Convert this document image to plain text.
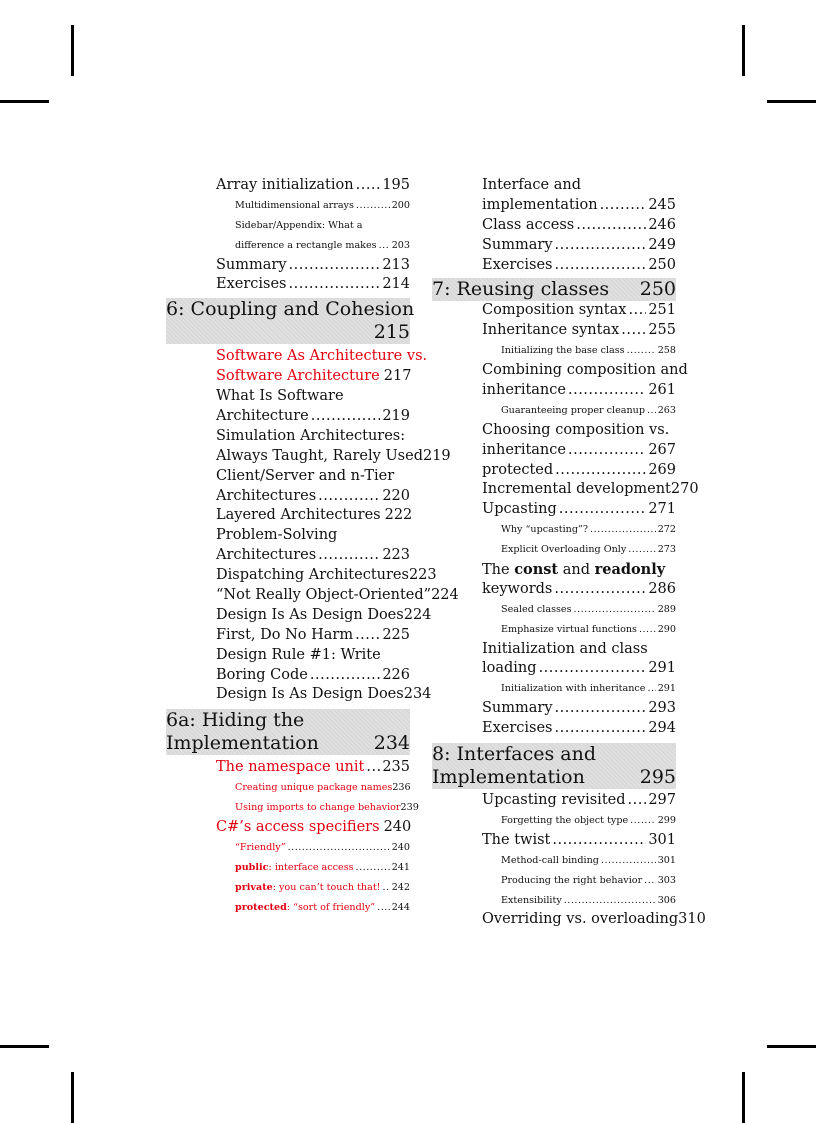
Array initialization ..... 195
Multidimensional arrays .....	200
Sidebar/Appendix: What a
difference a rectangle makes ..... 203
Summary .....	213
Exercises .....	214
6: Coupling and Cohesion
215
Software As Architecture vs.
Software Architecture 217
What Is Software
Architecture .....	219
Simulation Architectures:
Always Taught, Rarely Used219
Client/Server and n-Tier
Architectures .....	220
Layered Architectures 222
Problem-Solving
Architectures .....	223
Dispatching Architectures223
“Not Really Object-Oriented”224
Design Is As Design Does224
First, Do No Harm ..... 225
Design Rule #1: Write
Boring Code .....	226
Design Is As Design Does234
6a: Hiding the
Implementation	234
The namespace unit ..... 235
Creating unique package names236
Using imports to change behavior239
C#’s access specifiers 240
“Friendly” .....	240
public: interface access .....	241
private: you can’t touch that! ..... 242
protected: “sort of friendly” ..... 244
Interface and
implementation .....	245
Class access .....	246
Summary .....	249
Exercises .....	250
7: Reusing classes 250
Composition syntax ..... 251
Inheritance syntax ..... 255
Initializing the base class .....	258
Combining composition and
inheritance .....	261
Guaranteeing proper cleanup ..... 263
Choosing composition vs.
inheritance .....	267
protected .....	269
Incremental development270
Upcasting .....	271
Why “upcasting”? .....	272
Explicit Overloading Only .....	273
The const and readonly
keywords .....	286
Sealed classes .....	289
Emphasize virtual functions ..... 290
Initialization and class
loading .....	291
Initialization with inheritance ..... 291
Summary .....	293
Exercises .....	294
8: Interfaces and
Implementation	295
Upcasting revisited ..... 297
Forgetting the object type .....	299
The twist .....	301
Method-call binding .....	301
Producing the right behavior ..... 303
Extensibility .....	306
Overriding vs. overloading310
